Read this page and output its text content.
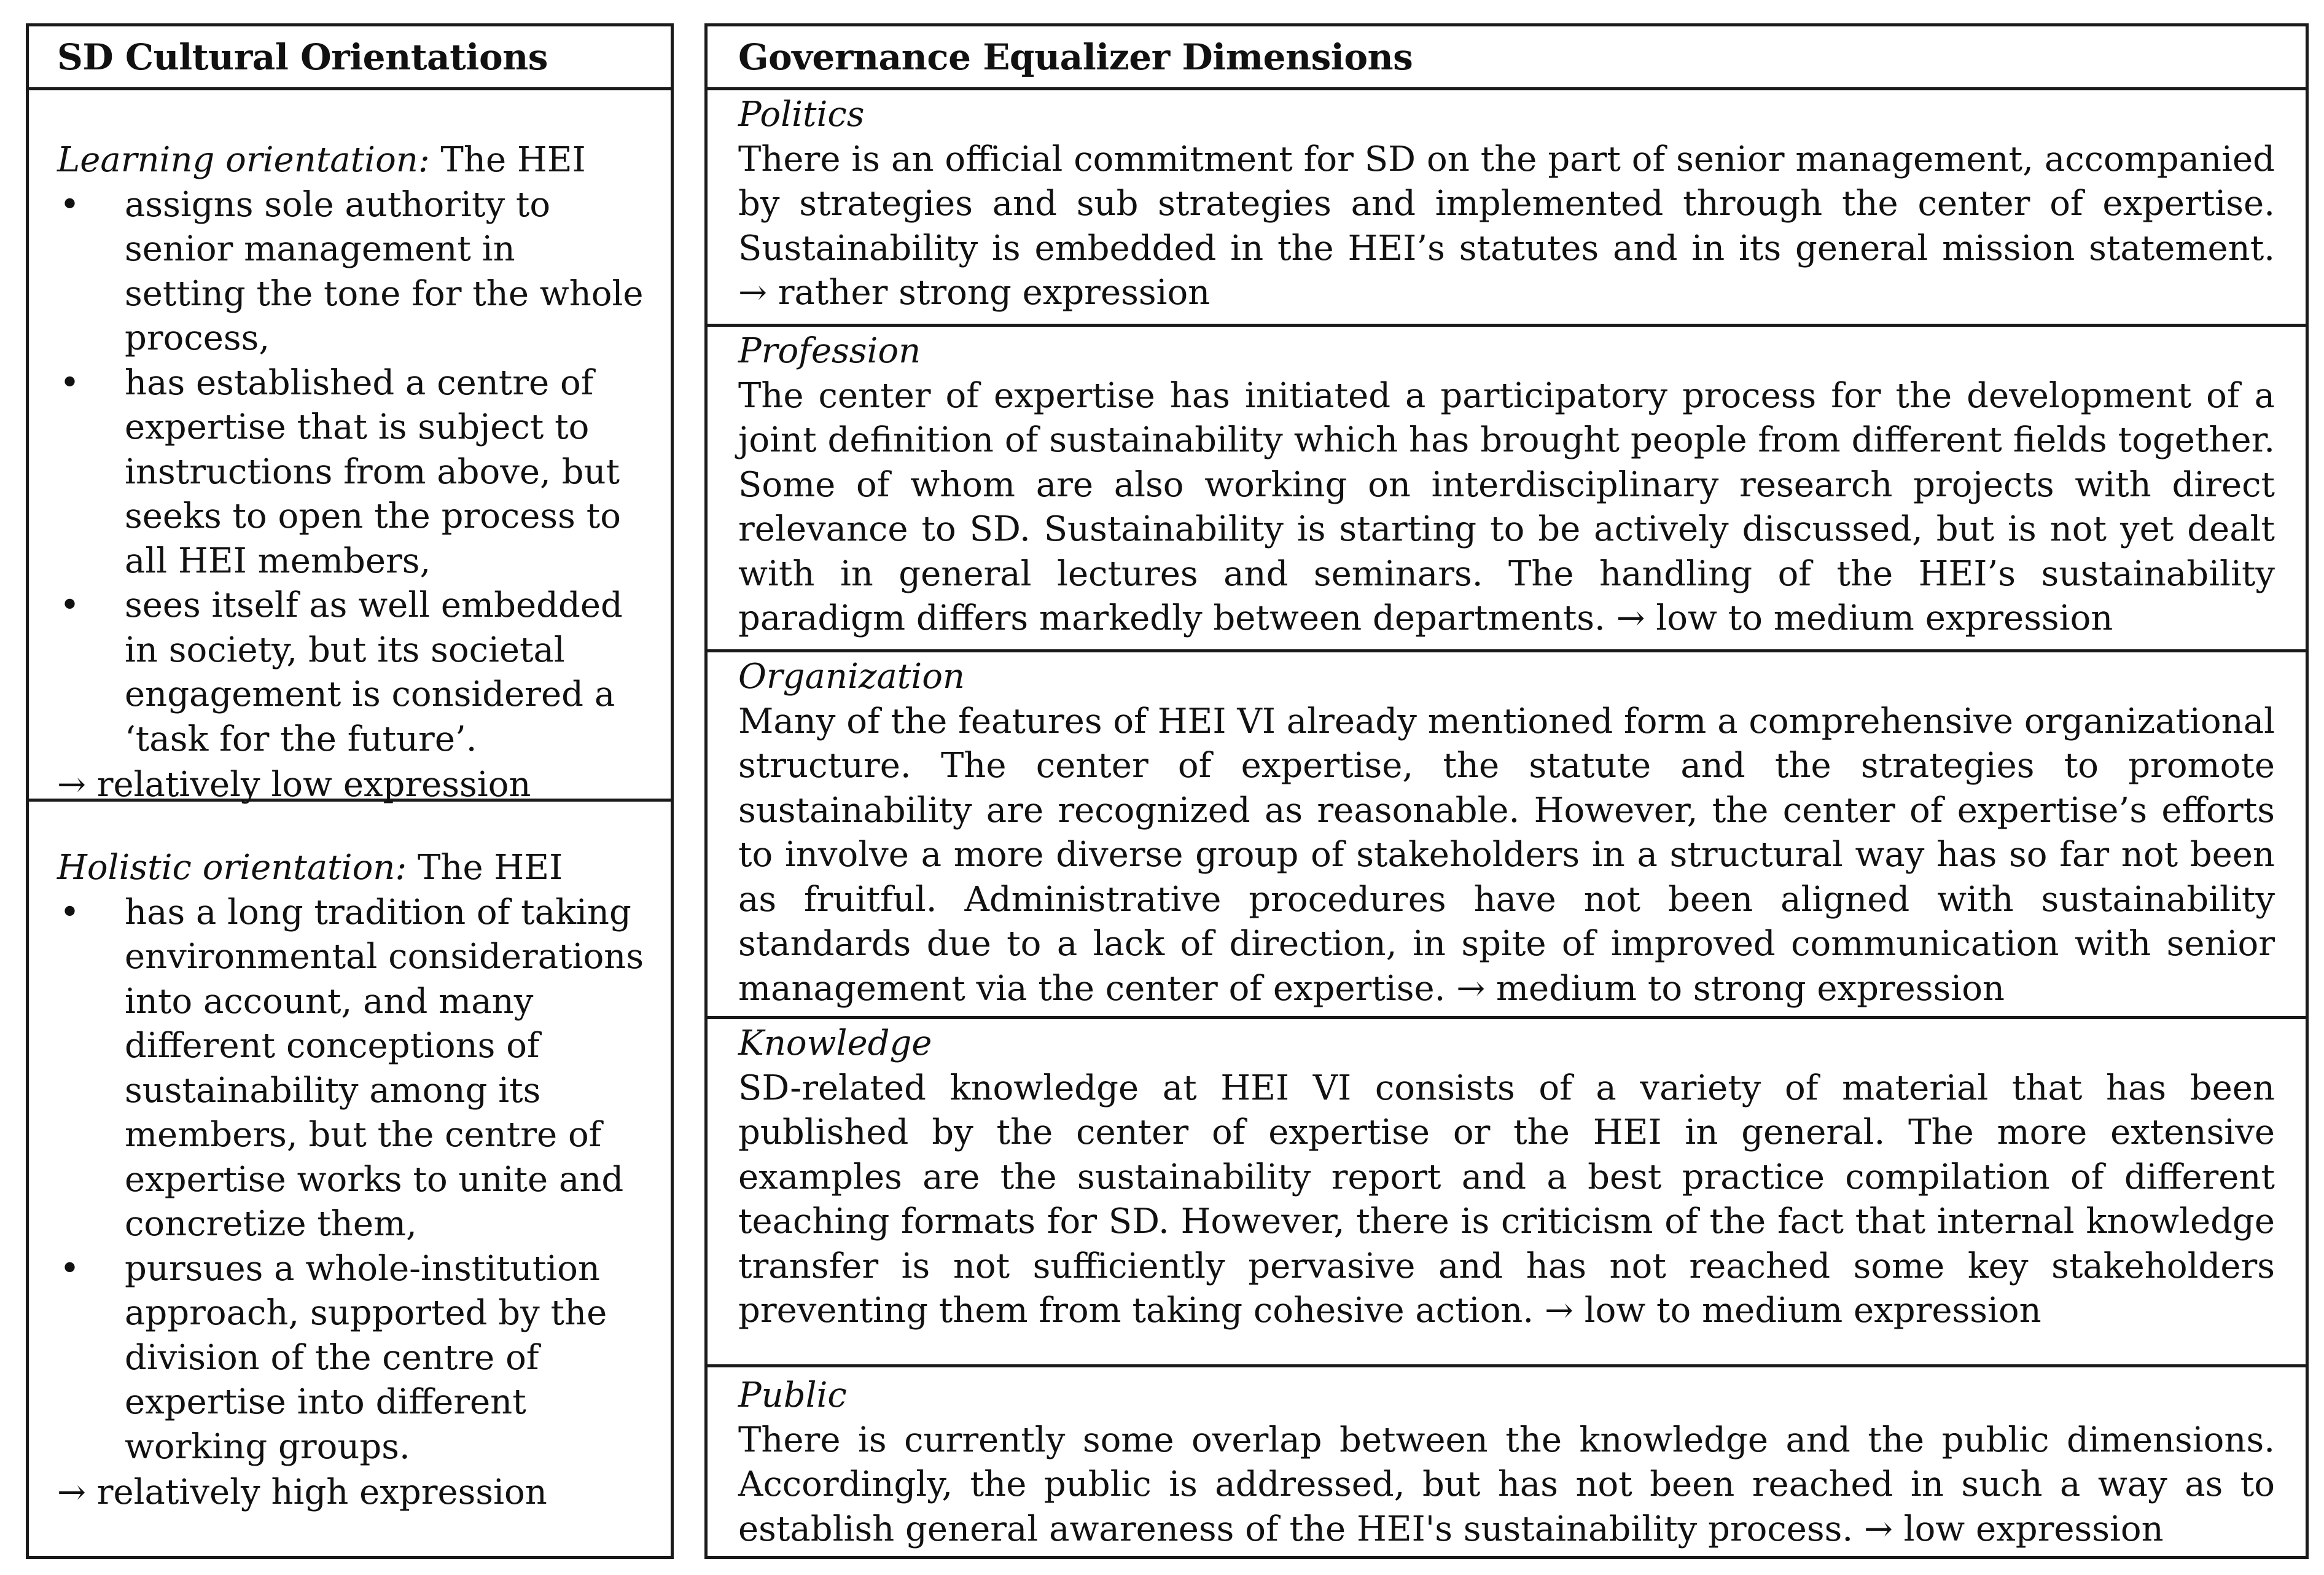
SD Cultural Orientations
Learning orientation: The HEI
• assigns sole authority to senior management in setting the tone for the whole process,
• has established a centre of expertise that is subject to instructions from above, but seeks to open the process to all HEI members,
• sees itself as well embedded in society, but its societal engagement is considered a ‘task for the future’.
→ relatively low expression
Holistic orientation: The HEI
• has a long tradition of taking environmental considerations into account, and many different conceptions of sustainability among its members, but the centre of expertise works to unite and concretize them,
• pursues a whole-institution approach, supported by the division of the centre of expertise into different working groups.
→ relatively high expression
Governance Equalizer Dimensions
Politics
There is an official commitment for SD on the part of senior management, accompanied by strategies and sub strategies and implemented through the center of expertise. Sustainability is embedded in the HEI’s statutes and in its general mission statement. → rather strong expression
Profession
The center of expertise has initiated a participatory process for the development of a joint definition of sustainability which has brought people from different fields together. Some of whom are also working on interdisciplinary research projects with direct relevance to SD. Sustainability is starting to be actively discussed, but is not yet dealt with in general lectures and seminars. The handling of the HEI’s sustainability paradigm differs markedly between departments. → low to medium expression
Organization
Many of the features of HEI VI already mentioned form a comprehensive organizational structure. The center of expertise, the statute and the strategies to promote sustainability are recognized as reasonable. However, the center of expertise’s efforts to involve a more diverse group of stakeholders in a structural way has so far not been as fruitful. Administrative procedures have not been aligned with sustainability standards due to a lack of direction, in spite of improved communication with senior management via the center of expertise. → medium to strong expression
Knowledge
SD-related knowledge at HEI VI consists of a variety of material that has been published by the center of expertise or the HEI in general. The more extensive examples are the sustainability report and a best practice compilation of different teaching formats for SD. However, there is criticism of the fact that internal knowledge transfer is not sufficiently pervasive and has not reached some key stakeholders preventing them from taking cohesive action. → low to medium expression
Public
There is currently some overlap between the knowledge and the public dimensions. Accordingly, the public is addressed, but has not been reached in such a way as to establish general awareness of the HEI's sustainability process. → low expression
